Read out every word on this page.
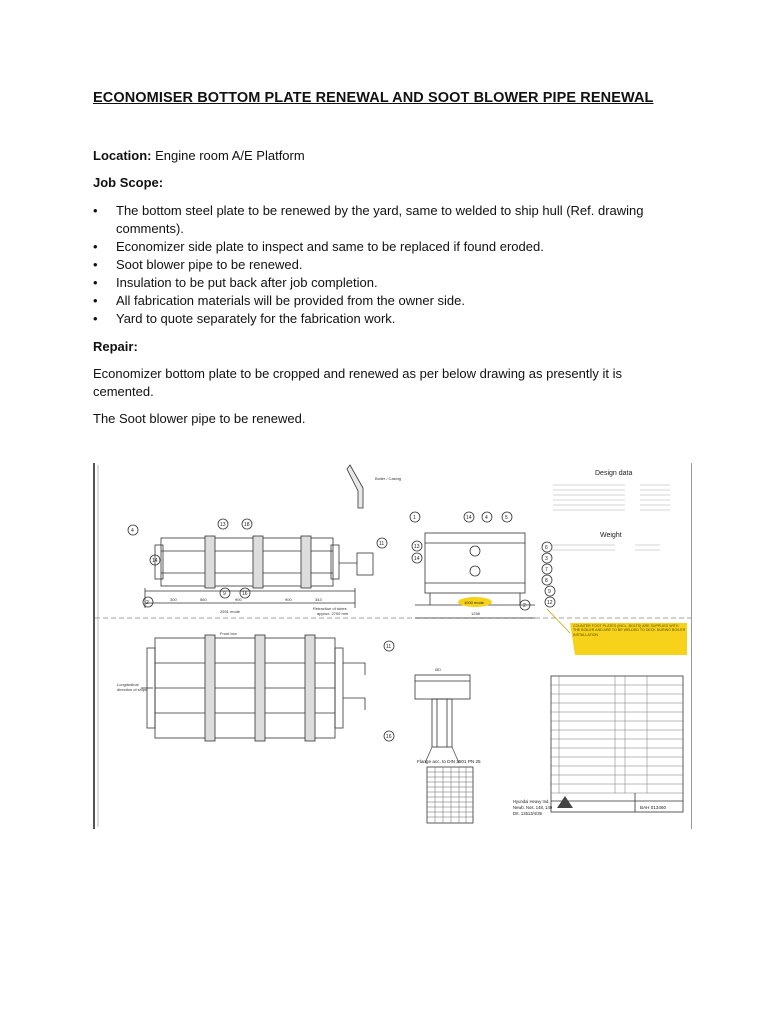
ECONOMISER BOTTOM PLATE RENEWAL AND SOOT BLOWER PIPE RENEWAL

Location: Engine room A/E Platform

Job Scope:

• The bottom steel plate to be renewed by the yard, same to welded to ship hull (Ref. drawing comments).
• Economizer side plate to inspect and same to be replaced if found eroded.
• Soot blower pipe to be renewed.
• Insulation to be put back after job completion.
• All fabrication materials will be provided from the owner side.
• Yard to quote separately for the fabrication work.

Repair:

Economizer bottom plate to be cropped and renewed as per below drawing as presently it is cemented.

The Soot blower pipe to be renewed.

Boiler / Casing
300	560	900	900	343
2591 mode
Retraction of tubes
approx. 2700 mm
4
13	18
14
11
2
9	16
1258
1000 mode
1	14	4	5
13
14
6
3
7
8
9
12
2
Design data
Weight
COUNTER FOOT PLATES (INCL. BOLTS) ARE SUPPLIED WITH THE BOILER AND ARE TO BE WELDED TO DECK DURING BOILER INSTALLATION
Front box
Longitudinal
direction of ships
11
16
ØD
Flange acc. to DIN 2501 PN 25
BAH 013460
Hyundai Heavy Ind.
Newb. Nos. 148, 149
Drt. 13513/4/39
